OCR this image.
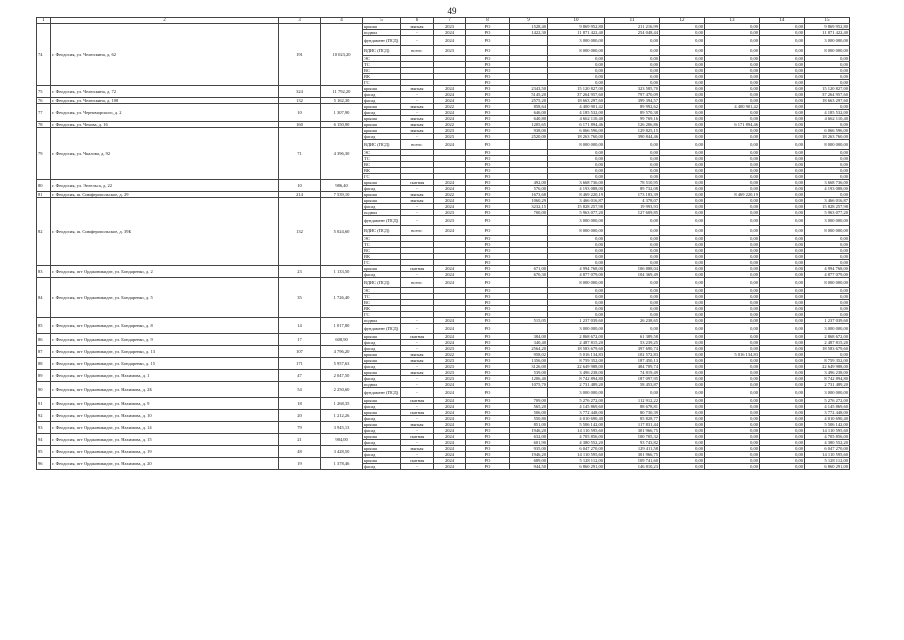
49
1	2	3	4	5	6	7	8	9	10	11	12	13	14	15
74	г. Феодосия, ул. Челюскина, д. 62	191	10 023,20	крыша	мягкая	2023	РО	1528,40	9 869 952,80	211 216,99	0,00	0,00	0,00	9 869 952,80
				подвал	-	2024	РО	1422,30	11 871 422,40	254 048,44	0,00	0,00	0,00	11 871 422,40
				фундамент (ПСД)	-	2024	РО		3 000 000,00	0,00	0,00	0,00	0,00	3 000 000,00
				ВДИС (ПСД)	всего:	2023	РО		8 000 000,00	0,00	0,00	0,00	0,00	8 000 000,00
				ЭС			РО		0,00	0,00	0,00	0,00	0,00	0,00
				ТС			РО		0,00	0,00	0,00	0,00	0,00	0,00
				ВС			РО		0,00	0,00	0,00	0,00	0,00	0,00
				ВК			РО		0,00	0,00	0,00	0,00	0,00	0,00
				ГС			РО		0,00	0,00	0,00	0,00	0,00	0,00
75	г. Феодосия, ул. Челюскина, д. 72	324	11 792,20	крыша	мягкая	2024	РО	2343,50	15 120 827,00	323 585,70	0,00	0,00	0,00	15 120 827,00
				фасад	-	2024	РО	5145,20	37 264 957,60	797 470,09	0,00	0,00	0,00	37 264 957,60
76	г. Феодосия, ул. Челюскина, д. 108	132	5 162,30	фасад	-	2024	РО	2575,20	18 663 297,60	399 394,57	0,00	0,00	0,00	18 663 297,60
77	г. Феодосия, ул. Черноморского, д. 2	10	1 307,90	крыша	мягкая	2022	РО	858,64	4 400 901,42	89 992,62	0,00	4 400 901,42	0,00	0,00
				фасад	-	2024	РО	646,00	4 185 532,00	89 570,38	0,00	0,00	0,00	4 185 532,00
				крыша	мягкая	2024	РО	640,80	4 662 110,40	99 769,16	0,00	0,00	0,00	4 662 110,40
78	г. Феодосия, ул. Чехова, д. 16	160	6 150,90	крыша	мягкая	2022	РО	1205,65	6 171 894,46	126 206,86	0,00	6 171 894,46	0,00	0,00
79	г. Феодосия, ул. Чкалова, д. 92	71	4 396,30	крыша	мягкая	2023	РО	938,00	6 066 596,00	129 825,15	0,00	0,00	0,00	6 066 596,00
				фасад	-	2023	РО	2520,00	18 263 760,00	390 844,46	0,00	0,00	0,00	18 263 760,00
				ВДИС (ПСД)	всего:	2024	РО		8 000 000,00	0,00	0,00	0,00	0,00	8 000 000,00
				ЭС			РО		0,00	0,00	0,00	0,00	0,00	0,00
				ТС			РО		0,00	0,00	0,00	0,00	0,00	0,00
				ВС			РО		0,00	0,00	0,00	0,00	0,00	0,00
				ВК			РО		0,00	0,00	0,00	0,00	0,00	0,00
				ГС			РО		0,00	0,00	0,00	0,00	0,00	0,00
80	г. Феодосия, ул. Энгельса, д. 22	10	986,40	крыша	скатная	2024	РО	492,00	3 668 736,00	78 510,95	0,00	0,00	0,00	3 668 736,00
				фасад	-	2024	РО	576,00	4 193 088,00	89 732,08	0,00	0,00	0,00	4 193 088,00
81	г. Феодосия, ш. Симферопольское, д. 29	214	7 539,10	крыша	мягкая	2022	РО	1673,68	8 469 220,19	173 183,39	0,00	8 469 220,19	0,00	0,00
82	г. Феодосия, ш. Симферопольское, д. 39Б	132	5 024,60	крыша	мягкая	2024	РО	1060,29	3 466 016,87	4 378,07	0,00	0,00	0,00	3 466 016,87
				фасад	-	2024	РО	3232,15	15 828 257,98	19 993,93	0,00	0,00	0,00	15 828 257,98
				подвал	-	2023	РО	700,00	5 963 077,20	127 609,85	0,00	0,00	0,00	5 963 077,20
				фундамент (ПСД)	-	2023	РО		3 000 000,00	0,00	0,00	0,00	0,00	3 000 000,00
				ВДИС (ПСД)	всего:	2024	РО		8 000 000,00	0,00	0,00	0,00	0,00	8 000 000,00
				ЭС			РО		0,00	0,00	0,00	0,00	0,00	0,00
				ТС			РО		0,00	0,00	0,00	0,00	0,00	0,00
				ВС			РО		0,00	0,00	0,00	0,00	0,00	0,00
				ВК			РО		0,00	0,00	0,00	0,00	0,00	0,00
				ГС			РО		0,00	0,00	0,00	0,00	0,00	0,00
83	г. Феодосия, пгт Орджоникидзе, ул. Бондаренко, д. 2	23	1 133,50	крыша	скатная	2024	РО	671,00	4 994 768,00	106 888,04	0,00	0,00	0,00	4 994 768,00
				фасад	-	2024	РО	670,30	4 877 079,00	104 369,49	0,00	0,00	0,00	4 877 079,00
84	г. Феодосия, пгт Орджоникидзе, ул. Бондаренко, д. 5	35	1 726,40	ВДИС (ПСД)	всего:	2024	РО		8 000 000,00	0,00	0,00	0,00	0,00	8 000 000,00
				ЭС			РО		0,00	0,00	0,00	0,00	0,00	0,00
				ТС			РО		0,00	0,00	0,00	0,00	0,00	0,00
				ВС			РО		0,00	0,00	0,00	0,00	0,00	0,00
				ВК			РО		0,00	0,00	0,00	0,00	0,00	0,00
				ГС			РО		0,00	0,00	0,00	0,00	0,00	0,00
85	г. Феодосия, пгт Орджоникидзе, ул. Бондаренко, д. 8	14	1 017,80	подвал	-	2024	РО	515,05	1 237 039,60	26 238,65	0,00	0,00	0,00	1 237 039,60
				фундамент (ПСД)	-	2024	РО		3 000 000,00	0,00	0,00	0,00	0,00	3 000 000,00
86	г. Феодосия, пгт Орджоникидзе, ул. Бондаренко, д. 9	17	608,90	крыша	скатная	2024	РО	384,00	2 868 672,00	61 389,58	0,00	0,00	0,00	2 868 672,00
				фасад	-	2024	РО	340,40	2 487 815,20	53 239,25	0,00	0,00	0,00	2 487 815,20
87	г. Феодосия, пгт Орджоникидзе, ул. Бондаренко, д. 13	107	4 796,20	фасад	-	2023	РО	2564,20	18 583 679,60	397 690,74	0,00	0,00	0,00	18 583 679,60
				крыша	мягкая	2022	РО	958,02	5 016 134,83	102 572,83	0,00	5 016 134,83	0,00	0,00
88	г. Феодосия, пгт Орджоникидзе, ул. Бондаренко, д. 15	171	5 957,63	крыша	мягкая	2023	РО	1356,00	8 759 352,00	187 450,13	0,00	0,00	0,00	8 759 352,00
				фасад	-	2023	РО	3126,00	22 649 988,00	484 709,74	0,00	0,00	0,00	22 649 988,00
89	г. Феодосия, пгт Орджоникидзе, ул. Нахимова, д. 1	47	2 047,50	крыша	мягкая	2023	РО	539,00	3 496 238,00	74 819,49	0,00	0,00	0,00	3 496 238,00
				фасад	-	2023	РО	1206,40	8 742 894,80	187 097,95	0,00	0,00	0,00	8 742 894,80
90	г. Феодосия, пгт Орджоникидзе, ул. Нахимова, д. 2Б	54	2 250,60	подвал	-	2024	РО	1075,70	2 731 489,20	58 453,87	0,00	0,00	0,00	2 731 489,20
				фундамент (ПСД)	-	2024	РО		3 000 000,00	0,00	0,00	0,00	0,00	3 000 000,00
91	г. Феодосия, пгт Орджоникидзе, ул. Нахимова, д. 9	18	1 268,35	крыша	скатная	2024	РО	709,00	5 276 272,00	112 912,22	0,00	0,00	0,00	5 276 272,00
				фасад	-	2024	РО	565,20	4 145 869,60	88 678,81	0,00	0,00	0,00	4 145 869,60
92	г. Феодосия, пгт Орджоникидзе, ул. Нахимова, д. 10	20	1 212,26	крыша	скатная	2024	РО	506,00	3 772 448,00	80 730,39	0,00	0,00	0,00	3 772 448,00
				фасад	-	2024	РО	550,80	4 010 690,40	85 828,77	0,00	0,00	0,00	4 010 690,40
93	г. Феодосия, пгт Орджоникидзе, ул. Нахимова, д. 14	79	3 945,13	крыша	мягкая	2024	РО	851,00	5 506 142,00	117 831,44	0,00	0,00	0,00	5 506 142,00
				фасад	-	2024	РО	1946,20	14 110 595,60	301 966,75	0,00	0,00	0,00	14 110 595,60
94	г. Феодосия, пгт Орджоникидзе, ул. Нахимова, д. 15	21	984,00	крыша	скатная	2024	РО	632,00	4 705 856,00	100 705,32	0,00	0,00	0,00	4 705 856,00
				фасад	-	2024	РО	601,90	4 380 552,20	93 743,82	0,00	0,00	0,00	4 380 552,20
95	г. Феодосия, пгт Орджоникидзе, ул. Нахимова, д. 19	48	3 428,50	крыша	мягкая	2024	РО	935,00	6 047 270,00	129 411,58	0,00	0,00	0,00	6 047 270,00
				фасад	-	2024	РО	1946,20	14 110 595,60	301 966,75	0,00	0,00	0,00	14 110 595,60
96	г. Феодосия, пгт Орджоникидзе, ул. Нахимова, д. 20	19	1 378,46	крыша	скатная	2024	РО	689,00	5 128 112,00	109 741,60	0,00	0,00	0,00	5 128 112,00
				фасад	-	2024	РО	944,50	6 860 291,00	146 810,23	0,00	0,00	0,00	6 860 291,00
